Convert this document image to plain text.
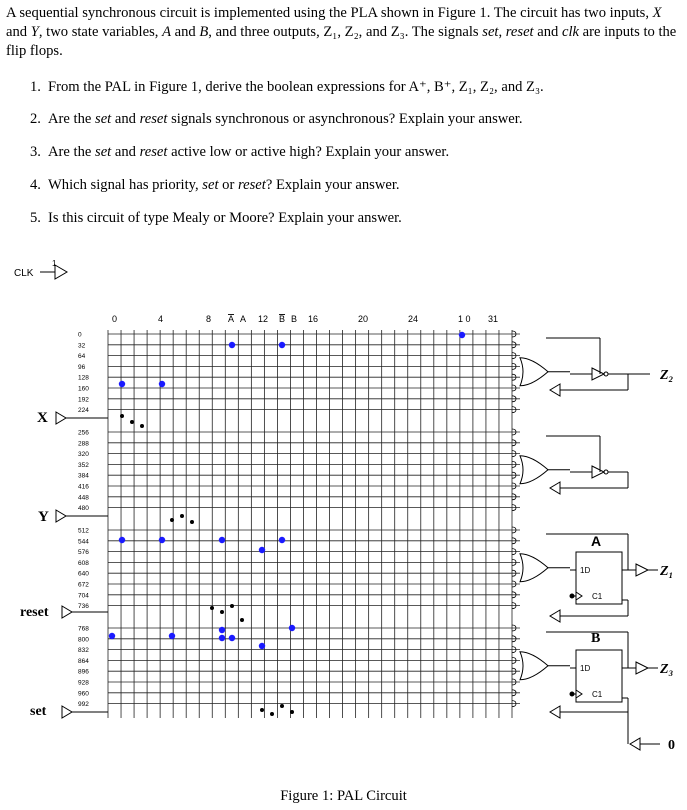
A sequential synchronous circuit is implemented using the PLA shown in Figure 1. The circuit has two inputs, X and Y, two state variables, A and B, and three outputs, Z₁, Z₂, and Z₃. The signals set, reset and clk are inputs to the flip flops.

1. From the PAL in Figure 1, derive the boolean expressions for A⁺, B⁺, Z₁, Z₂, and Z₃.

2. Are the set and reset signals synchronous or asynchronous? Explain your answer.

3. Are the set and reset active low or active high? Explain your answer.

4. Which signal has priority, set or reset? Explain your answer.

5. Is this circuit of type Mealy or Moore? Explain your answer.

0
32
64
96
128
160
192
224
256
288
320
352
384
416
448
480
512
544
576
608
640
672
704
736
768
800
832
864
896
928
960
992
0	4	8 A A 12 B B 16	20	24	1 0 31
CLK
1
X
Y
reset
set
A
1D
C1
B
1D
C1
Z₂
Z₁
Z₃
0
Figure 1: PAL Circuit
